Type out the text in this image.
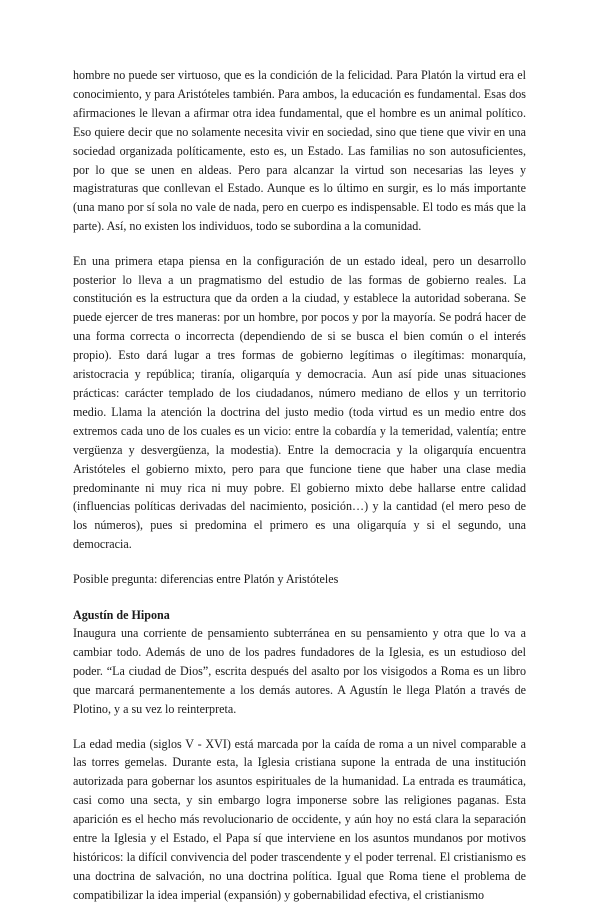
hombre no puede ser virtuoso, que es la condición de la felicidad. Para Platón la virtud era el conocimiento, y para Aristóteles también. Para ambos, la educación es fundamental. Esas dos afirmaciones le llevan a afirmar otra idea fundamental, que el hombre es un animal político. Eso quiere decir que no solamente necesita vivir en sociedad, sino que tiene que vivir en una sociedad organizada políticamente, esto es, un Estado. Las familias no son autosuficientes, por lo que se unen en aldeas. Pero para alcanzar la virtud son necesarias las leyes y magistraturas que conllevan el Estado. Aunque es lo último en surgir, es lo más importante (una mano por sí sola no vale de nada, pero en cuerpo es indispensable. El todo es más que la parte). Así, no existen los individuos, todo se subordina a la comunidad.

En una primera etapa piensa en la configuración de un estado ideal, pero un desarrollo posterior lo lleva a un pragmatismo del estudio de las formas de gobierno reales. La constitución es la estructura que da orden a la ciudad, y establece la autoridad soberana. Se puede ejercer de tres maneras: por un hombre, por pocos y por la mayoría. Se podrá hacer de una forma correcta o incorrecta (dependiendo de si se busca el bien común o el interés propio). Esto dará lugar a tres formas de gobierno legítimas o ilegítimas: monarquía, aristocracia y república; tiranía, oligarquía y democracia. Aun así pide unas situaciones prácticas: carácter templado de los ciudadanos, número mediano de ellos y un territorio medio. Llama la atención la doctrina del justo medio (toda virtud es un medio entre dos extremos cada uno de los cuales es un vicio: entre la cobardía y la temeridad, valentía; entre vergüenza y desvergüenza, la modestia). Entre la democracia y la oligarquía encuentra Aristóteles el gobierno mixto, pero para que funcione tiene que haber una clase media predominante ni muy rica ni muy pobre. El gobierno mixto debe hallarse entre calidad (influencias políticas derivadas del nacimiento, posición…) y la cantidad (el mero peso de los números), pues si predomina el primero es una oligarquía y si el segundo, una democracia.

Posible pregunta: diferencias entre Platón y Aristóteles

Agustín de Hipona

Inaugura una corriente de pensamiento subterránea en su pensamiento y otra que lo va a cambiar todo. Además de uno de los padres fundadores de la Iglesia, es un estudioso del poder. “La ciudad de Dios”, escrita después del asalto por los visigodos a Roma es un libro que marcará permanentemente a los demás autores. A Agustín le llega Platón a través de Plotino, y a su vez lo reinterpreta.

La edad media (siglos V - XVI) está marcada por la caída de roma a un nivel comparable a las torres gemelas. Durante esta, la Iglesia cristiana supone la entrada de una institución autorizada para gobernar los asuntos espirituales de la humanidad. La entrada es traumática, casi como una secta, y sin embargo logra imponerse sobre las religiones paganas. Esta aparición es el hecho más revolucionario de occidente, y aún hoy no está clara la separación entre la Iglesia y el Estado, el Papa sí que interviene en los asuntos mundanos por motivos históricos: la difícil convivencia del poder trascendente y el poder terrenal. El cristianismo es una doctrina de salvación, no una doctrina política. Igual que Roma tiene el problema de compatibilizar la idea imperial (expansión) y gobernabilidad efectiva, el cristianismo
